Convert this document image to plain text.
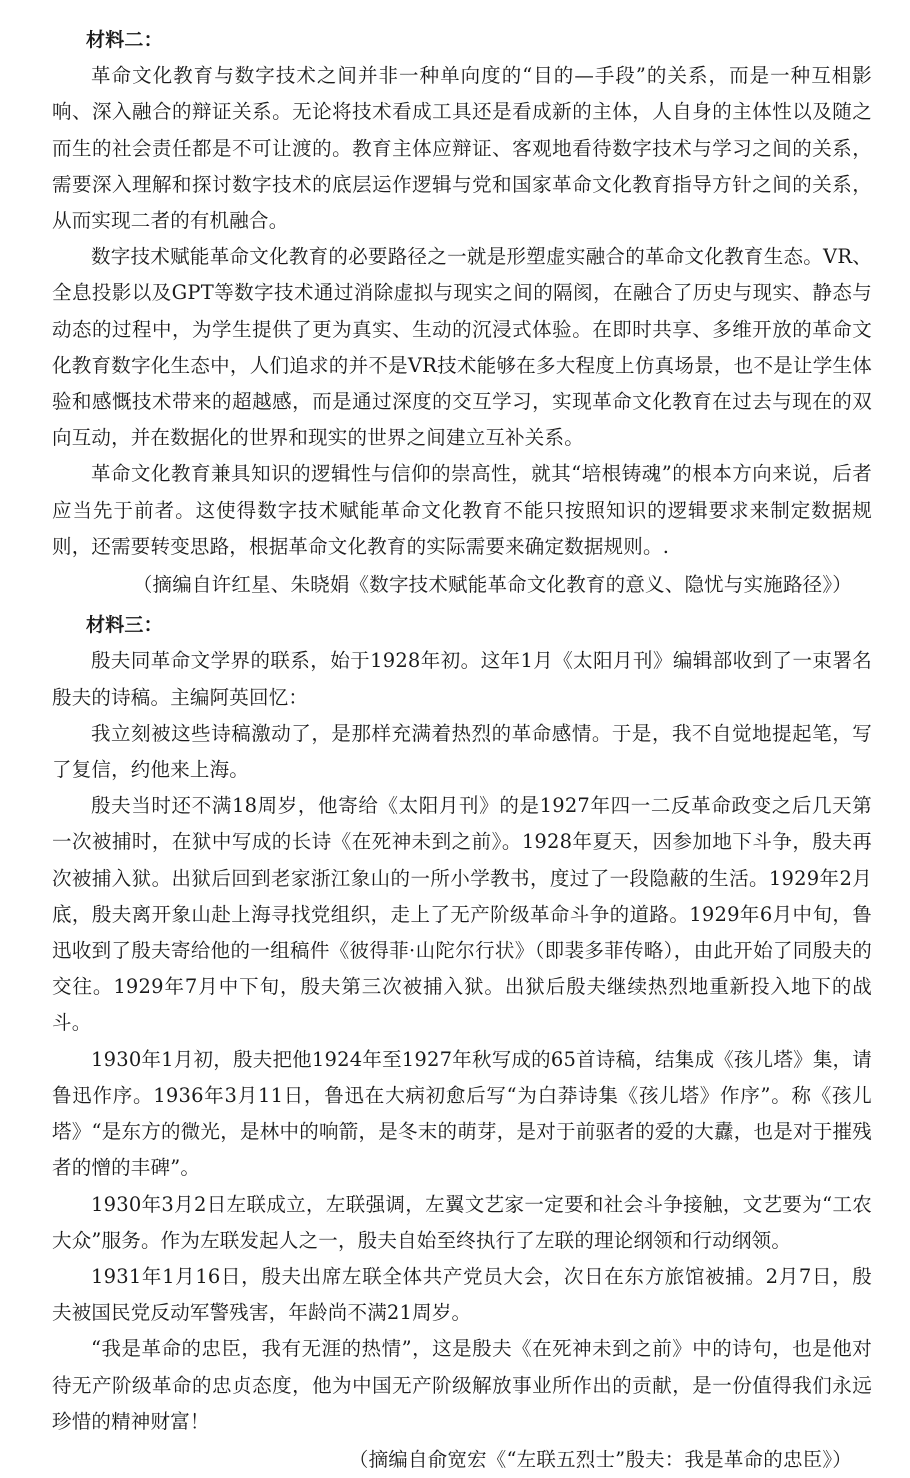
材料二：

革命文化教育与数字技术之间并非一种单向度的“目的—手段”的关系，而是一种互相影响、深入融合的辩证关系。无论将技术看成工具还是看成新的主体，人自身的主体性以及随之而生的社会责任都是不可让渡的。教育主体应辩证、客观地看待数字技术与学习之间的关系，需要深入理解和探讨数字技术的底层运作逻辑与党和国家革命文化教育指导方针之间的关系，从而实现二者的有机融合。

数字技术赋能革命文化教育的必要路径之一就是形塑虚实融合的革命文化教育生态。VR、全息投影以及GPT等数字技术通过消除虚拟与现实之间的隔阂，在融合了历史与现实、静态与动态的过程中，为学生提供了更为真实、生动的沉浸式体验。在即时共享、多维开放的革命文化教育数字化生态中，人们追求的并不是VR技术能够在多大程度上仿真场景，也不是让学生体验和感慨技术带来的超越感，而是通过深度的交互学习，实现革命文化教育在过去与现在的双向互动，并在数据化的世界和现实的世界之间建立互补关系。

革命文化教育兼具知识的逻辑性与信仰的崇高性，就其“培根铸魂”的根本方向来说，后者应当先于前者。这使得数字技术赋能革命文化教育不能只按照知识的逻辑要求来制定数据规则，还需要转变思路，根据革命文化教育的实际需要来确定数据规则。.

（摘编自许红星、朱晓娟《数字技术赋能革命文化教育的意义、隐忧与实施路径》）
材料三：

殷夫同革命文学界的联系，始于1928年初。这年1月《太阳月刊》编辑部收到了一束署名殷夫的诗稿。主编阿英回忆：

我立刻被这些诗稿激动了，是那样充满着热烈的革命感情。于是，我不自觉地提起笔，写了复信，约他来上海。

殷夫当时还不满18周岁，他寄给《太阳月刊》的是1927年四一二反革命政变之后几天第一次被捕时，在狱中写成的长诗《在死神未到之前》。1928年夏天，因参加地下斗争，殷夫再次被捕入狱。出狱后回到老家浙江象山的一所小学教书，度过了一段隐蔽的生活。1929年2月底，殷夫离开象山赴上海寻找党组织，走上了无产阶级革命斗争的道路。1929年6月中旬，鲁迅收到了殷夫寄给他的一组稿件《彼得菲·山陀尔行状》（即裴多菲传略），由此开始了同殷夫的交往。1929年7月中下旬，殷夫第三次被捕入狱。出狱后殷夫继续热烈地重新投入地下的战斗。

1930年1月初，殷夫把他1924年至1927年秋写成的65首诗稿，结集成《孩儿塔》集，请鲁迅作序。1936年3月11日，鲁迅在大病初愈后写“为白莽诗集《孩儿塔》作序”。称《孩儿塔》“是东方的微光，是林中的响箭，是冬末的萌芽，是对于前驱者的爱的大纛，也是对于摧残者的憎的丰碑”。

1930年3月2日左联成立，左联强调，左翼文艺家一定要和社会斗争接触，文艺要为“工农大众”服务。作为左联发起人之一，殷夫自始至终执行了左联的理论纲领和行动纲领。

1931年1月16日，殷夫出席左联全体共产党员大会，次日在东方旅馆被捕。2月7日，殷夫被国民党反动军警残害，年龄尚不满21周岁。

“我是革命的忠臣，我有无涯的热情”，这是殷夫《在死神未到之前》中的诗句，也是他对待无产阶级革命的忠贞态度，他为中国无产阶级解放事业所作出的贡献，是一份值得我们永远珍惜的精神财富！

（摘编自俞宽宏《“左联五烈士”殷夫：我是革命的忠臣》）
